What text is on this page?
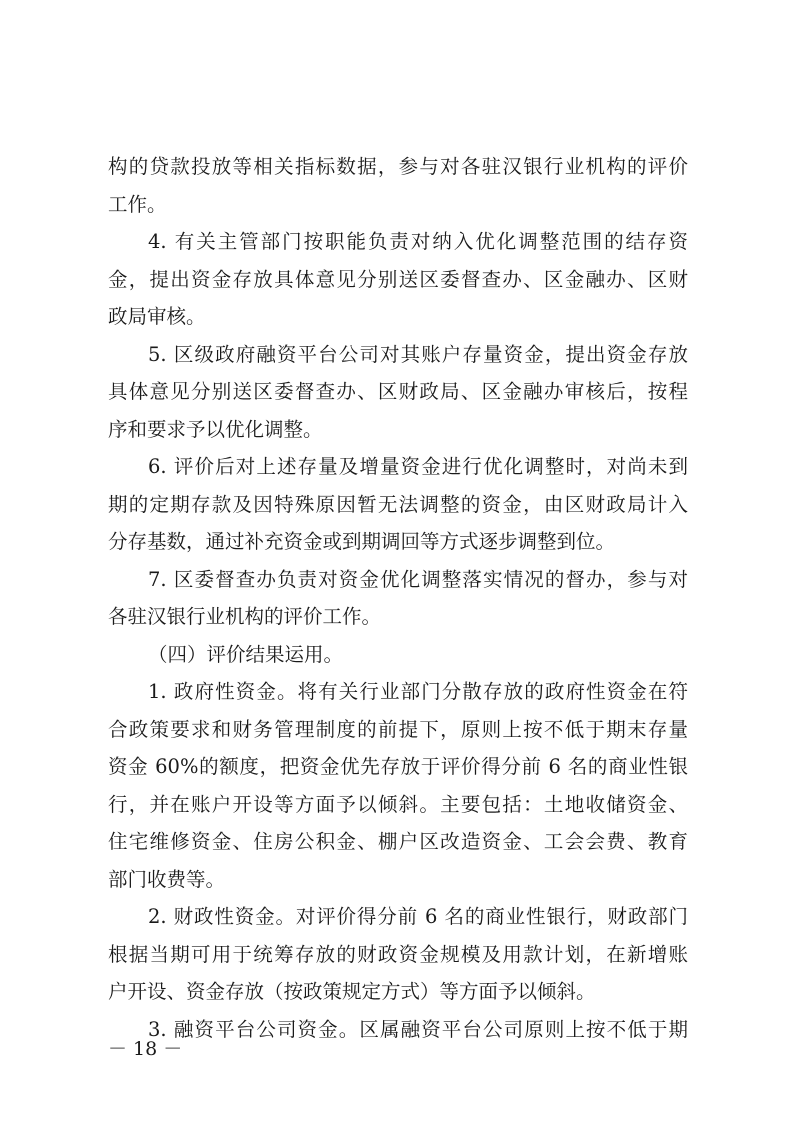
构的贷款投放等相关指标数据，参与对各驻汉银行业机构的评价
工作。
4. 有关主管部门按职能负责对纳入优化调整范围的结存资
金，提出资金存放具体意见分别送区委督查办、区金融办、区财
政局审核。
5. 区级政府融资平台公司对其账户存量资金，提出资金存放
具体意见分别送区委督查办、区财政局、区金融办审核后，按程
序和要求予以优化调整。
6. 评价后对上述存量及增量资金进行优化调整时，对尚未到
期的定期存款及因特殊原因暂无法调整的资金，由区财政局计入
分存基数，通过补充资金或到期调回等方式逐步调整到位。
7. 区委督查办负责对资金优化调整落实情况的督办，参与对
各驻汉银行业机构的评价工作。
（四）评价结果运用。
1. 政府性资金。将有关行业部门分散存放的政府性资金在符
合政策要求和财务管理制度的前提下，原则上按不低于期末存量
资金 60%的额度，把资金优先存放于评价得分前 6 名的商业性银
行，并在账户开设等方面予以倾斜。主要包括：土地收储资金、
住宅维修资金、住房公积金、棚户区改造资金、工会会费、教育
部门收费等。
2. 财政性资金。对评价得分前 6 名的商业性银行，财政部门
根据当期可用于统筹存放的财政资金规模及用款计划，在新增账
户开设、资金存放（按政策规定方式）等方面予以倾斜。
3. 融资平台公司资金。区属融资平台公司原则上按不低于期
－ 18 －
